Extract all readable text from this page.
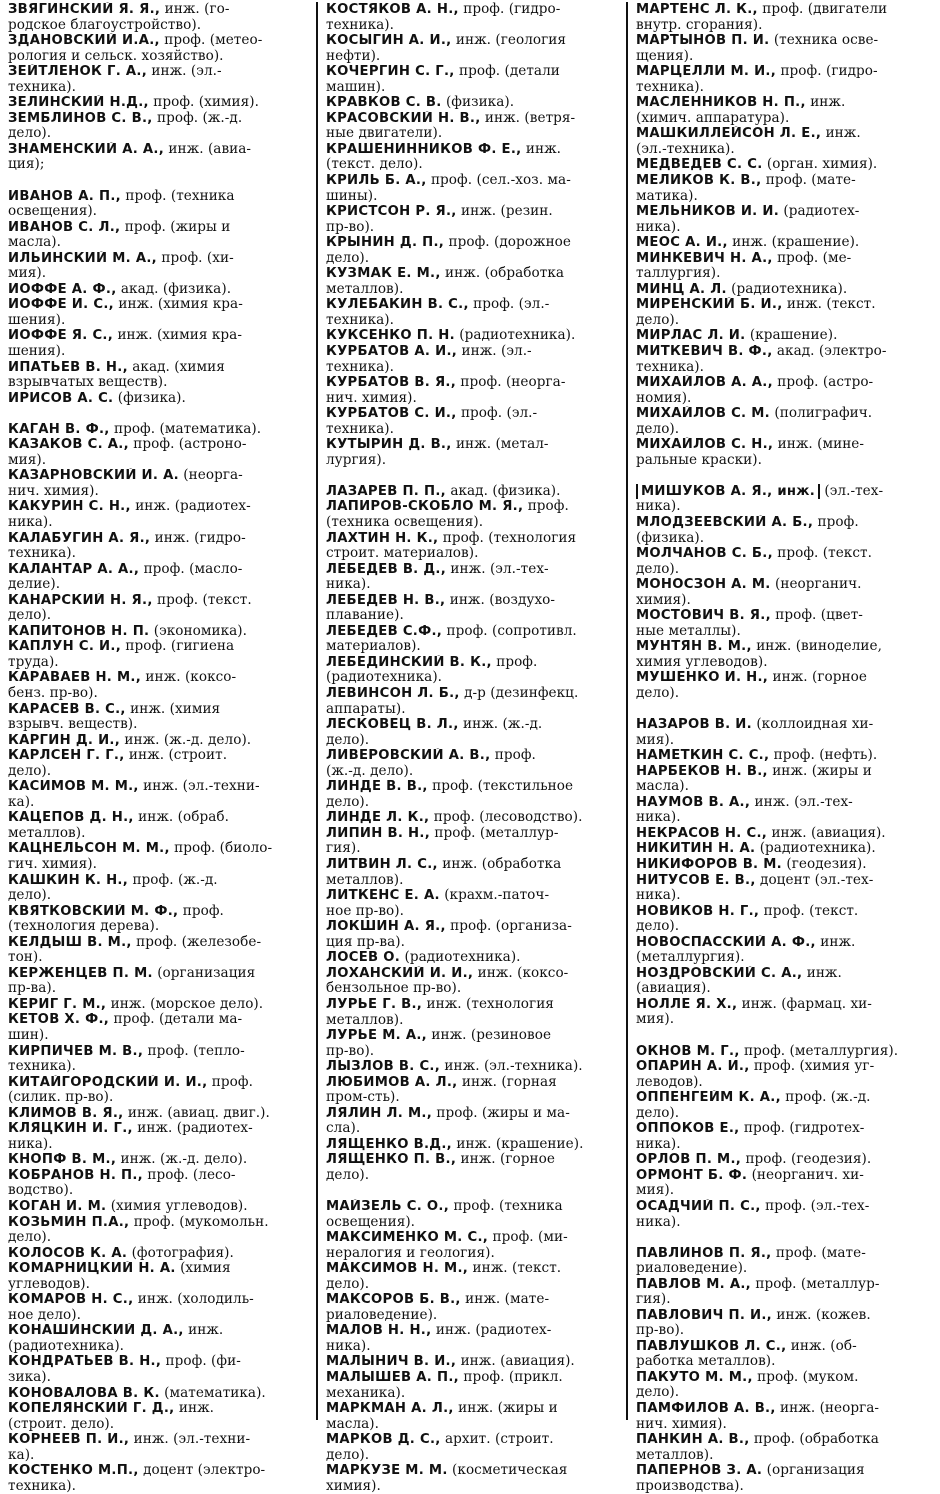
ЗВЯГИНСКИЙ Я. Я., инж. (го-
родское благоустройство).
ЗДАНОВСКИЙ И.А., проф. (метео-
рология и сельск. хозяйство).
ЗЕЙТЛЕНОК Г. А., инж. (эл.-
техника).
ЗЕЛИНСКИЙ Н.Д., проф. (химия).
ЗЕМБЛИНОВ С. В., проф. (ж.-д.
дело).
ЗНАМЕНСКИЙ А. А., инж. (авиа-
ция);
ИВАНОВ А. П., проф. (техника
освещения).
ИВАНОВ С. Л., проф. (жиры и
масла).
ИЛЬИНСКИЙ М. А., проф. (хи-
мия).
ИОФФЕ А. Ф., акад. (физика).
ИОФФЕ И. С., инж. (химия кра-
шения).
ИОФФЕ Я. С., инж. (химия кра-
шения).
ИПАТЬЕВ В. Н., акад. (химия
взрывчатых веществ).
ИРИСОВ А. С. (физика).
КАГАН В. Ф., проф. (математика).
КАЗАКОВ С. А., проф. (астроно-
мия).
КАЗАРНОВСКИЙ И. А. (неорга-
нич. химия).
КАКУРИН С. Н., инж. (радиотех-
ника).
КАЛАБУГИН А. Я., инж. (гидро-
техника).
КАЛАНТАР А. А., проф. (масло-
делие).
КАНАРСКИЙ Н. Я., проф. (текст.
дело).
КАПИТОНОВ Н. П. (экономика).
КАПЛУН С. И., проф. (гигиена
труда).
КАРАВАЕВ Н. М., инж. (коксо-
бенз. пр-во).
КАРАСЕВ В. С., инж. (химия
взрывч. веществ).
КАРГИН Д. И., инж. (ж.-д. дело).
КАРЛСЕН Г. Г., инж. (строит.
дело).
КАСИМОВ М. М., инж. (эл.-техни-
ка).
КАЦЕПОВ Д. Н., инж. (обраб.
металлов).
КАЦНЕЛЬСОН М. М., проф. (биоло-
гич. химия).
КАШКИН К. Н., проф. (ж.-д.
дело).
КВЯТКОВСКИЙ М. Ф., проф.
(технология дерева).
КЕЛДЫШ В. М., проф. (железобе-
тон).
КЕРЖЕНЦЕВ П. М. (организация
пр-ва).
КЕРИГ Г. М., инж. (морское дело).
КЕТОВ Х. Ф., проф. (детали ма-
шин).
КИРПИЧЕВ М. В., проф. (тепло-
техника).
КИТАЙГОРОДСКИЙ И. И., проф.
(силик. пр-во).
КЛИМОВ В. Я., инж. (авиац. двиг.).
КЛЯЦКИН И. Г., инж. (радиотех-
ника).
КНОПФ В. М., инж. (ж.-д. дело).
КОБРАНОВ Н. П., проф. (лесо-
водство).
КОГАН И. М. (химия углеводов).
КОЗЬМИН П.А., проф. (мукомольн.
дело).
КОЛОСОВ К. А. (фотография).
КОМАРНИЦКИЙ Н. А. (химия
углеводов).
КОМАРОВ Н. С., инж. (холодиль-
ное дело).
КОНАШИНСКИЙ Д. А., инж.
(радиотехника).
КОНДРАТЬЕВ В. Н., проф. (фи-
зика).
КОНОВАЛОВА В. К. (математика).
КОПЕЛЯНСКИЙ Г. Д., инж.
(строит. дело).
КОРНЕЕВ П. И., инж. (эл.-техни-
ка).
КОСТЕНКО М.П., доцент (электро-
техника).
КОСТЯКОВ А. Н., проф. (гидро-
техника).
КОСЫГИН А. И., инж. (геология
нефти).
КОЧЕРГИН С. Г., проф. (детали
машин).
КРАВКОВ С. В. (физика).
КРАСОВСКИЙ Н. В., инж. (ветря-
ные двигатели).
КРАШЕНИННИКОВ Ф. Е., инж.
(текст. дело).
КРИЛЬ Б. А., проф. (сел.-хоз. ма-
шины).
КРИСТСОН Р. Я., инж. (резин.
пр-во).
КРЫНИН Д. П., проф. (дорожное
дело).
КУЗМАК Е. М., инж. (обработка
металлов).
КУЛЕБАКИН В. С., проф. (эл.-
техника).
КУКСЕНКО П. Н. (радиотехника).
КУРБАТОВ А. И., инж. (эл.-
техника).
КУРБАТОВ В. Я., проф. (неорга-
нич. химия).
КУРБАТОВ С. И., проф. (эл.-
техника).
КУТЫРИН Д. В., инж. (метал-
лургия).
ЛАЗАРЕВ П. П., акад. (физика).
ЛАПИРОВ-СКОБЛО М. Я., проф.
(техника освещения).
ЛАХТИН Н. К., проф. (технология
строит. материалов).
ЛЕБЕДЕВ В. Д., инж. (эл.-тех-
ника).
ЛЕБЕДЕВ Н. В., инж. (воздухо-
плавание).
ЛЕБЕДЕВ С.Ф., проф. (сопротивл.
материалов).
ЛЕБЕДИНСКИЙ В. К., проф.
(радиотехника).
ЛЕВИНСОН Л. Б., д-р (дезинфекц.
аппараты).
ЛЕСКОВЕЦ В. Л., инж. (ж.-д.
дело).
ЛИВЕРОВСКИЙ А. В., проф.
(ж.-д. дело).
ЛИНДЕ В. В., проф. (текстильное
дело).
ЛИНДЕ Л. К., проф. (лесоводство).
ЛИПИН В. Н., проф. (металлур-
гия).
ЛИТВИН Л. С., инж. (обработка
металлов).
ЛИТКЕНС Е. А. (крахм.-паточ-
ное пр-во).
ЛОКШИН А. Я., проф. (организа-
ция пр-ва).
ЛОСЕВ О. (радиотехника).
ЛОХАНСКИЙ И. И., инж. (коксо-
бензольное пр-во).
ЛУРЬЕ Г. В., инж. (технология
металлов).
ЛУРЬЕ М. А., инж. (резиновое
пр-во).
ЛЫЗЛОВ В. С., инж. (эл.-техника).
ЛЮБИМОВ А. Л., инж. (горная
пром-сть).
ЛЯЛИН Л. М., проф. (жиры и ма-
сла).
ЛЯЩЕНКО В.Д., инж. (крашение).
ЛЯЩЕНКО П. В., инж. (горное
дело).
МАЙЗЕЛЬ С. О., проф. (техника
освещения).
МАКСИМЕНКО М. С., проф. (ми-
нералогия и геология).
МАКСИМОВ Н. М., инж. (текст.
дело).
МАКСОРОВ Б. В., инж. (мате-
риаловедение).
МАЛОВ Н. Н., инж. (радиотех-
ника).
МАЛЫНИЧ В. И., инж. (авиация).
МАЛЫШЕВ А. П., проф. (прикл.
механика).
МАРКМАН А. Л., инж. (жиры и
масла).
МАРКОВ Д. С., архит. (строит.
дело).
МАРКУЗЕ М. М. (косметическая
химия).
МАРТЕНС Л. К., проф. (двигатели
внутр. сгорания).
МАРТЫНОВ П. И. (техника осве-
щения).
МАРЦЕЛЛИ М. И., проф. (гидро-
техника).
МАСЛЕННИКОВ Н. П., инж.
(химич. аппаратура).
МАШКИЛЛЕЙСОН Л. Е., инж.
(эл.-техника).
МЕДВЕДЕВ С. С. (орган. химия).
МЕЛИКОВ К. В., проф. (мате-
матика).
МЕЛЬНИКОВ И. И. (радиотех-
ника).
МЕОС А. И., инж. (крашение).
МИНКЕВИЧ Н. А., проф. (ме-
таллургия).
МИНЦ А. Л. (радиотехника).
МИРЕНСКИЙ Б. И., инж. (текст.
дело).
МИРЛАС Л. И. (крашение).
МИТКЕВИЧ В. Ф., акад. (электро-
техника).
МИХАЙЛОВ А. А., проф. (астро-
номия).
МИХАЙЛОВ С. М. (полиграфич.
дело).
МИХАЙЛОВ С. Н., инж. (мине-
ральные краски).
МИШУКОВ А. Я., инж. (эл.-тех-
ника).
МЛОДЗЕЕВСКИЙ А. Б., проф.
(физика).
МОЛЧАНОВ С. Б., проф. (текст.
дело).
МОНОСЗОН А. М. (неорганич.
химия).
МОСТОВИЧ В. Я., проф. (цвет-
ные металлы).
МУНТЯН В. М., инж. (виноделие,
химия углеводов).
МУШЕНКО И. Н., инж. (горное
дело).
НАЗАРОВ В. И. (коллоидная хи-
мия).
НАМЕТКИН С. С., проф. (нефть).
НАРБЕКОВ Н. В., инж. (жиры и
масла).
НАУМОВ В. А., инж. (эл.-тех-
ника).
НЕКРАСОВ Н. С., инж. (авиация).
НИКИТИН Н. А. (радиотехника).
НИКИФОРОВ В. М. (геодезия).
НИТУСОВ Е. В., доцент (эл.-тех-
ника).
НОВИКОВ Н. Г., проф. (текст.
дело).
НОВОСПАССКИЙ А. Ф., инж.
(металлургия).
НОЗДРОВСКИЙ С. А., инж.
(авиация).
НОЛЛЕ Я. Х., инж. (фармац. хи-
мия).
ОКНОВ М. Г., проф. (металлургия).
ОПАРИН А. И., проф. (химия уг-
леводов).
ОППЕНГЕЙМ К. А., проф. (ж.-д.
дело).
ОППОКОВ Е., проф. (гидротех-
ника).
ОРЛОВ П. М., проф. (геодезия).
ОРМОНТ Б. Ф. (неорганич. хи-
мия).
ОСАДЧИЙ П. С., проф. (эл.-тех-
ника).
ПАВЛИНОВ П. Я., проф. (мате-
риаловедение).
ПАВЛОВ М. А., проф. (металлур-
гия).
ПАВЛОВИЧ П. И., инж. (кожев.
пр-во).
ПАВЛУШКОВ Л. С., инж. (об-
работка металлов).
ПАКУТО М. М., проф. (муком.
дело).
ПАМФИЛОВ А. В., инж. (неорга-
нич. химия).
ПАНКИН А. В., проф. (обработка
металлов).
ПАПЕРНОВ З. А. (организация
производства).
